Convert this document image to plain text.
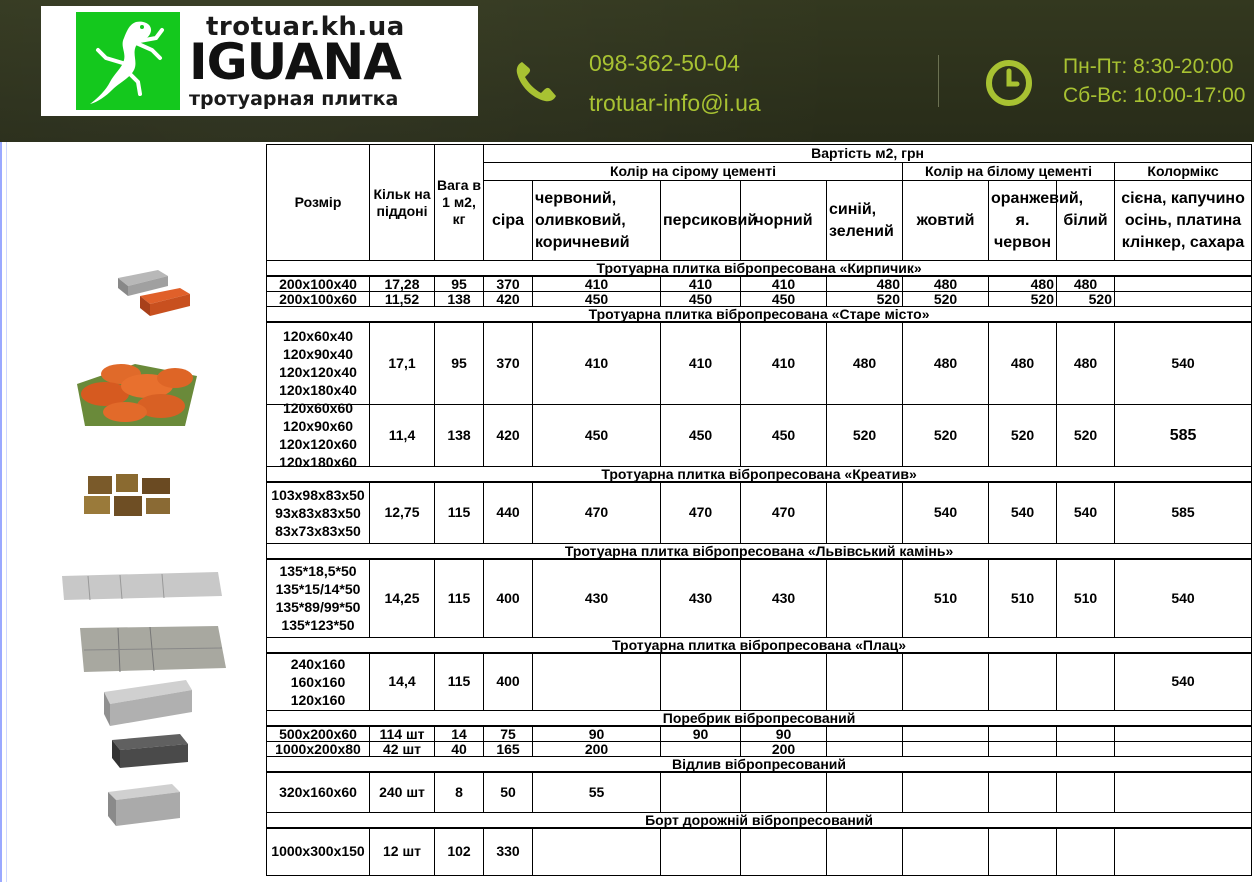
trotuar.kh.ua
IGUANA
тротуарная плитка
098-362-50-04
trotuar-info@i.ua
Пн-Пт: 8:30-20:00
Сб-Вс: 10:00-17:00
Розмір	Кільк на піддоні	Вага в 1 м2, кг	Вартість м2, грн								
			Колір на сірому цементі					Колір на білому цементі			Колормікс
			сіра	червоний, оливковий, коричневий	персиковий	чорний	синій, зелений	жовтий	оранжевий, я. червон	білий	сієна, капучино осінь, платина клінкер, сахара
Тротуарна плитка вібропресована «Кирпичик»											
200x100x40	17,28	95	370	410	410	410	480	480	480	480	
200x100x60	11,52	138	420	450	450	450	520	520	520	520	
Тротуарна плитка вібропресована «Старе місто»											

120x60x40
120x90x40
120x120x40
120x180x40	17,1	95	370	410	410	410	480	480	480	480	540

120x60x60
120x90x60
120x120x60
120x180x60	11,4	138	420	450	450	450	520	520	520	520	585
Тротуарна плитка вібропресована «Креатив»											

103x98x83x50
93x83x83x50
83x73x83x50	12,75	115	440	470	470	470		540	540	540	585
Тротуарна плитка вібропресована «Львівський камінь»											

135*18,5*50
135*15/14*50
135*89/99*50
135*123*50	14,25	115	400	430	430	430		510	510	510	540
Тротуарна плитка вібропресована «Плац»											

240x160
160x160
120x160	14,4	115	400								540
Поребрик вібропресований											
500x200x60	114 шт	14	75	90	90	90					
1000x200x80	42 шт	40	165	200		200					
Відлив вібропресований											
320x160x60	240 шт	8	50	55							
Борт дорожній вібропресований											
1000x300x150	12 шт	102	330								
